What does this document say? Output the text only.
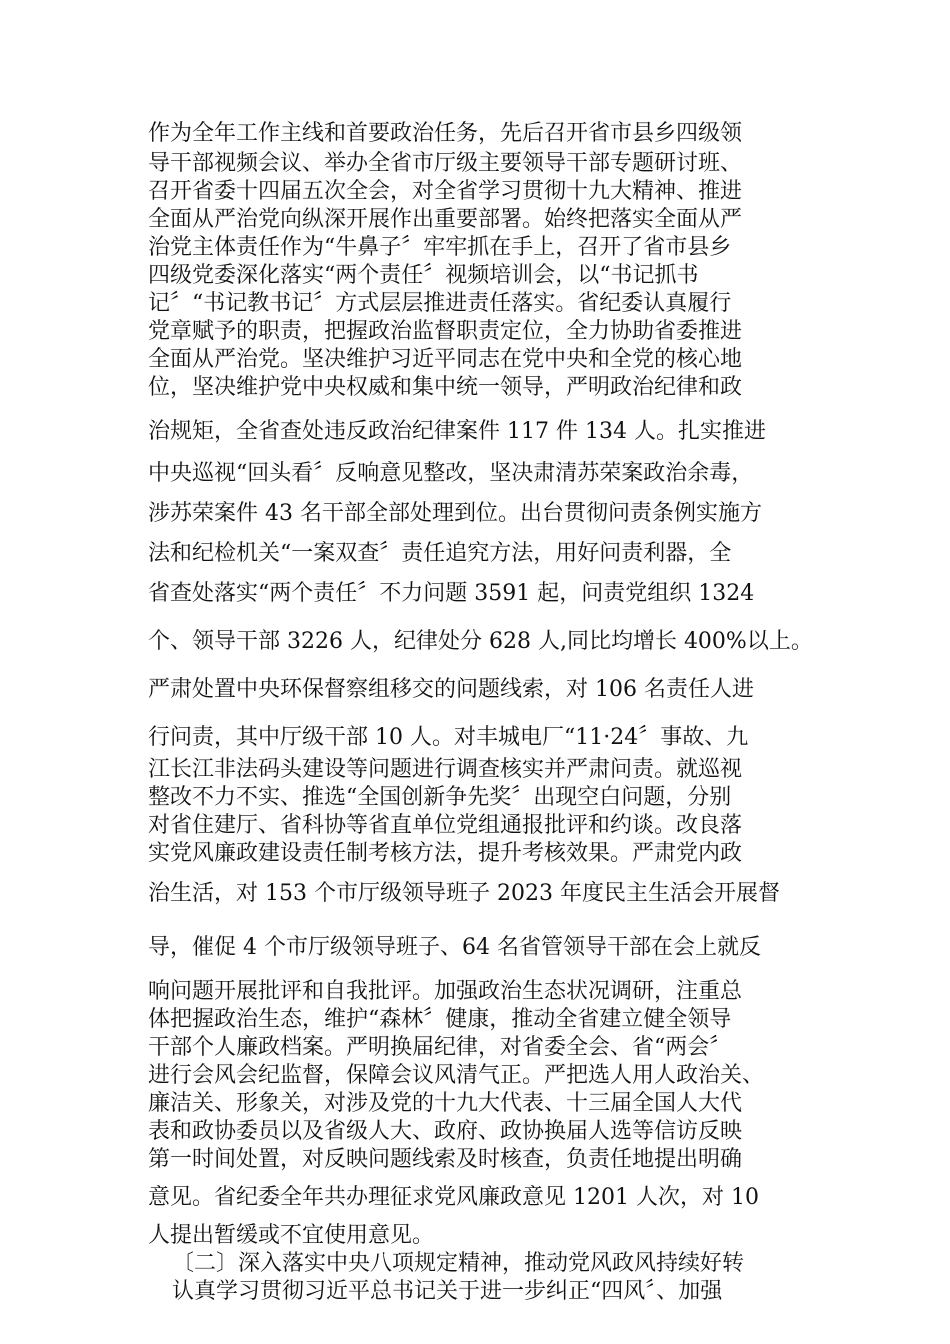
作为全年工作主线和首要政治任务，先后召开省市县乡四级领
导干部视频会议、举办全省市厅级主要领导干部专题研讨班、
召开省委十四届五次全会，对全省学习贯彻十九大精神、推进
全面从严治党向纵深开展作出重要部署。始终把落实全面从严
治党主体责任作为“牛鼻子〞牢牢抓在手上，召开了省市县乡
四级党委深化落实“两个责任〞视频培训会，以“书记抓书
记〞“书记教书记〞方式层层推进责任落实。省纪委认真履行
党章赋予的职责，把握政治监督职责定位，全力协助省委推进
全面从严治党。坚决维护习近平同志在党中央和全党的核心地
位，坚决维护党中央权威和集中统一领导，严明政治纪律和政
治规矩，全省查处违反政治纪律案件 117 件 134 人。扎实推进
中央巡视“回头看〞反响意见整改，坚决肃清苏荣案政治余毒，
涉苏荣案件 43 名干部全部处理到位。出台贯彻问责条例实施方
法和纪检机关“一案双查〞责任追究方法，用好问责利器，全
省查处落实“两个责任〞不力问题 3591 起，问责党组织 1324
个、领导干部 3226 人，纪律处分 628 人,同比均增长 400%以上。
严肃处置中央环保督察组移交的问题线索，对 106 名责任人进
行问责，其中厅级干部 10 人。对丰城电厂“11·24〞事故、九
江长江非法码头建设等问题进行调查核实并严肃问责。就巡视
整改不力不实、推选“全国创新争先奖〞出现空白问题，分别
对省住建厅、省科协等省直单位党组通报批评和约谈。改良落
实党风廉政建设责任制考核方法，提升考核效果。严肃党内政
治生活，对 153 个市厅级领导班子 2023 年度民主生活会开展督
导，催促 4 个市厅级领导班子、64 名省管领导干部在会上就反
响问题开展批评和自我批评。加强政治生态状况调研，注重总
体把握政治生态，维护“森林〞健康，推动全省建立健全领导
干部个人廉政档案。严明换届纪律，对省委全会、省“两会〞
进行会风会纪监督，保障会议风清气正。严把选人用人政治关、
廉洁关、形象关，对涉及党的十九大代表、十三届全国人大代
表和政协委员以及省级人大、政府、政协换届人选等信访反映
第一时间处置，对反映问题线索及时核查，负责任地提出明确
意见。省纪委全年共办理征求党风廉政意见 1201 人次，对 10
人提出暂缓或不宜使用意见。
〔二〕深入落实中央八项规定精神，推动党风政风持续好转
认真学习贯彻习近平总书记关于进一步纠正“四风〞、加强
